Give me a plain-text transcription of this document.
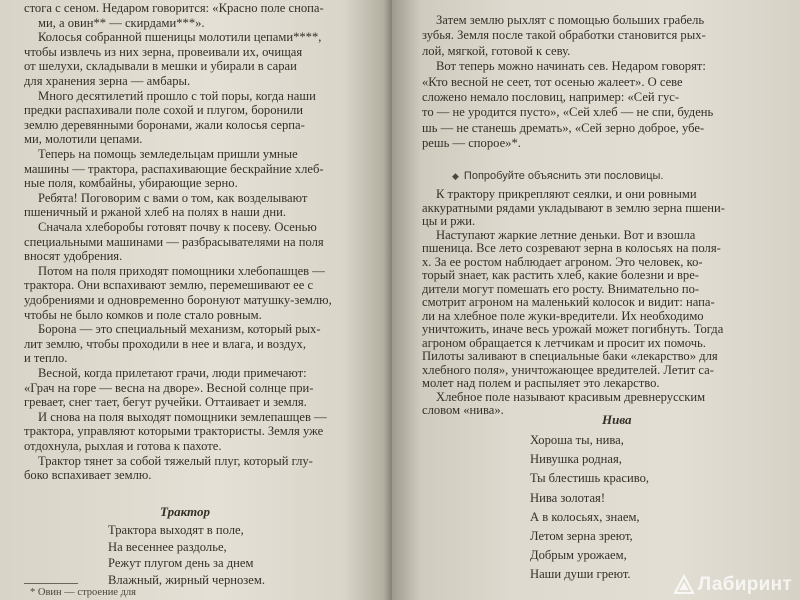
стога с сеном. Недаром говорится: «Красно поле снопа-
ми, а овин** — скирдами***».
Колосья собранной пшеницы молотили цепами****,
чтобы извлечь из них зерна, провеивали их, очищая
от шелухи, складывали в мешки и убирали в сараи
для хранения зерна — амбары.
Много десятилетий прошло с той поры, когда наши
предки распахивали поле сохой и плугом, боронили
землю деревянными боронами, жали колосья серпа-
ми, молотили цепами.
Теперь на помощь земледельцам пришли умные
машины — трактора, распахивающие бескрайние хлеб-
ные поля, комбайны, убирающие зерно.
Ребята! Поговорим с вами о том, как возделывают
пшеничный и ржаной хлеб на полях в наши дни.
Сначала хлеборобы готовят почву к посеву. Осенью
специальными машинами — разбрасывателями на поля
вносят удобрения.
Потом на поля приходят помощники хлебопашцев —
трактора. Они вспахивают землю, перемешивают ее с
удобрениями и одновременно боронуют матушку-землю,
чтобы не было комков и поле стало ровным.
Борона — это специальный механизм, который рых-
лит землю, чтобы проходили в нее и влага, и воздух,
и тепло.
Весной, когда прилетают грачи, люди примечают:
«Грач на горе — весна на дворе». Весной солнце при-
гревает, снег тает, бегут ручейки. Оттаивает и земля.
И снова на поля выходят помощники землепашцев —
трактора, управляют которыми трактористы. Земля уже
отдохнула, рыхлая и готова к пахоте.
Трактор тянет за собой тяжелый плуг, который глу-
боко вспахивает землю.
Трактор
Трактора выходят в поле,
На весеннее раздолье,
Режут плугом день за днем
Влажный, жирный чернозем.
* Овин — строение для
Затем землю рыхлят с помощью больших грабель
зубья. Земля после такой обработки становится рых-
лой, мягкой, готовой к севу.
Вот теперь можно начинать сев. Недаром говорят:
«Кто весной не сеет, тот осенью жалеет». О севе
сложено немало пословиц, например: «Сей гус-
то — не уродится пусто», «Сей хлеб — не спи, будень
шь — не станешь дремать», «Сей зерно доброе, убе-
решь — спорое»*.
◆ Попробуйте объяснить эти пословицы.
К трактору прикрепляют сеялки, и они ровными
аккуратными рядами укладывают в землю зерна пшени-
цы и ржи.
Наступают жаркие летние деньки. Вот и взошла
пшеница. Все лето созревают зерна в колосьях на поля-
х. За ее ростом наблюдает агроном. Это человек, ко-
торый знает, как растить хлеб, какие болезни и вре-
дители могут помешать его росту. Внимательно по-
смотрит агроном на маленький колосок и видит: напа-
ли на хлебное поле жуки-вредители. Их необходимо
уничтожить, иначе весь урожай может погибнуть. Тогда
агроном обращается к летчикам и просит их помочь.
Пилоты заливают в специальные баки «лекарство» для
хлебного поля», уничтожающее вредителей. Летит са-
молет над полем и распыляет это лекарство.
Хлебное поле называют красивым древнерусским
словом «нива».
Нива
Хороша ты, нива,
Нивушка родная,
Ты блестишь красиво,
Нива золотая!
А в колосьях, знаем,
Летом зерна зреют,
Добрым урожаем,
Наши души греют.	Лабиринт
